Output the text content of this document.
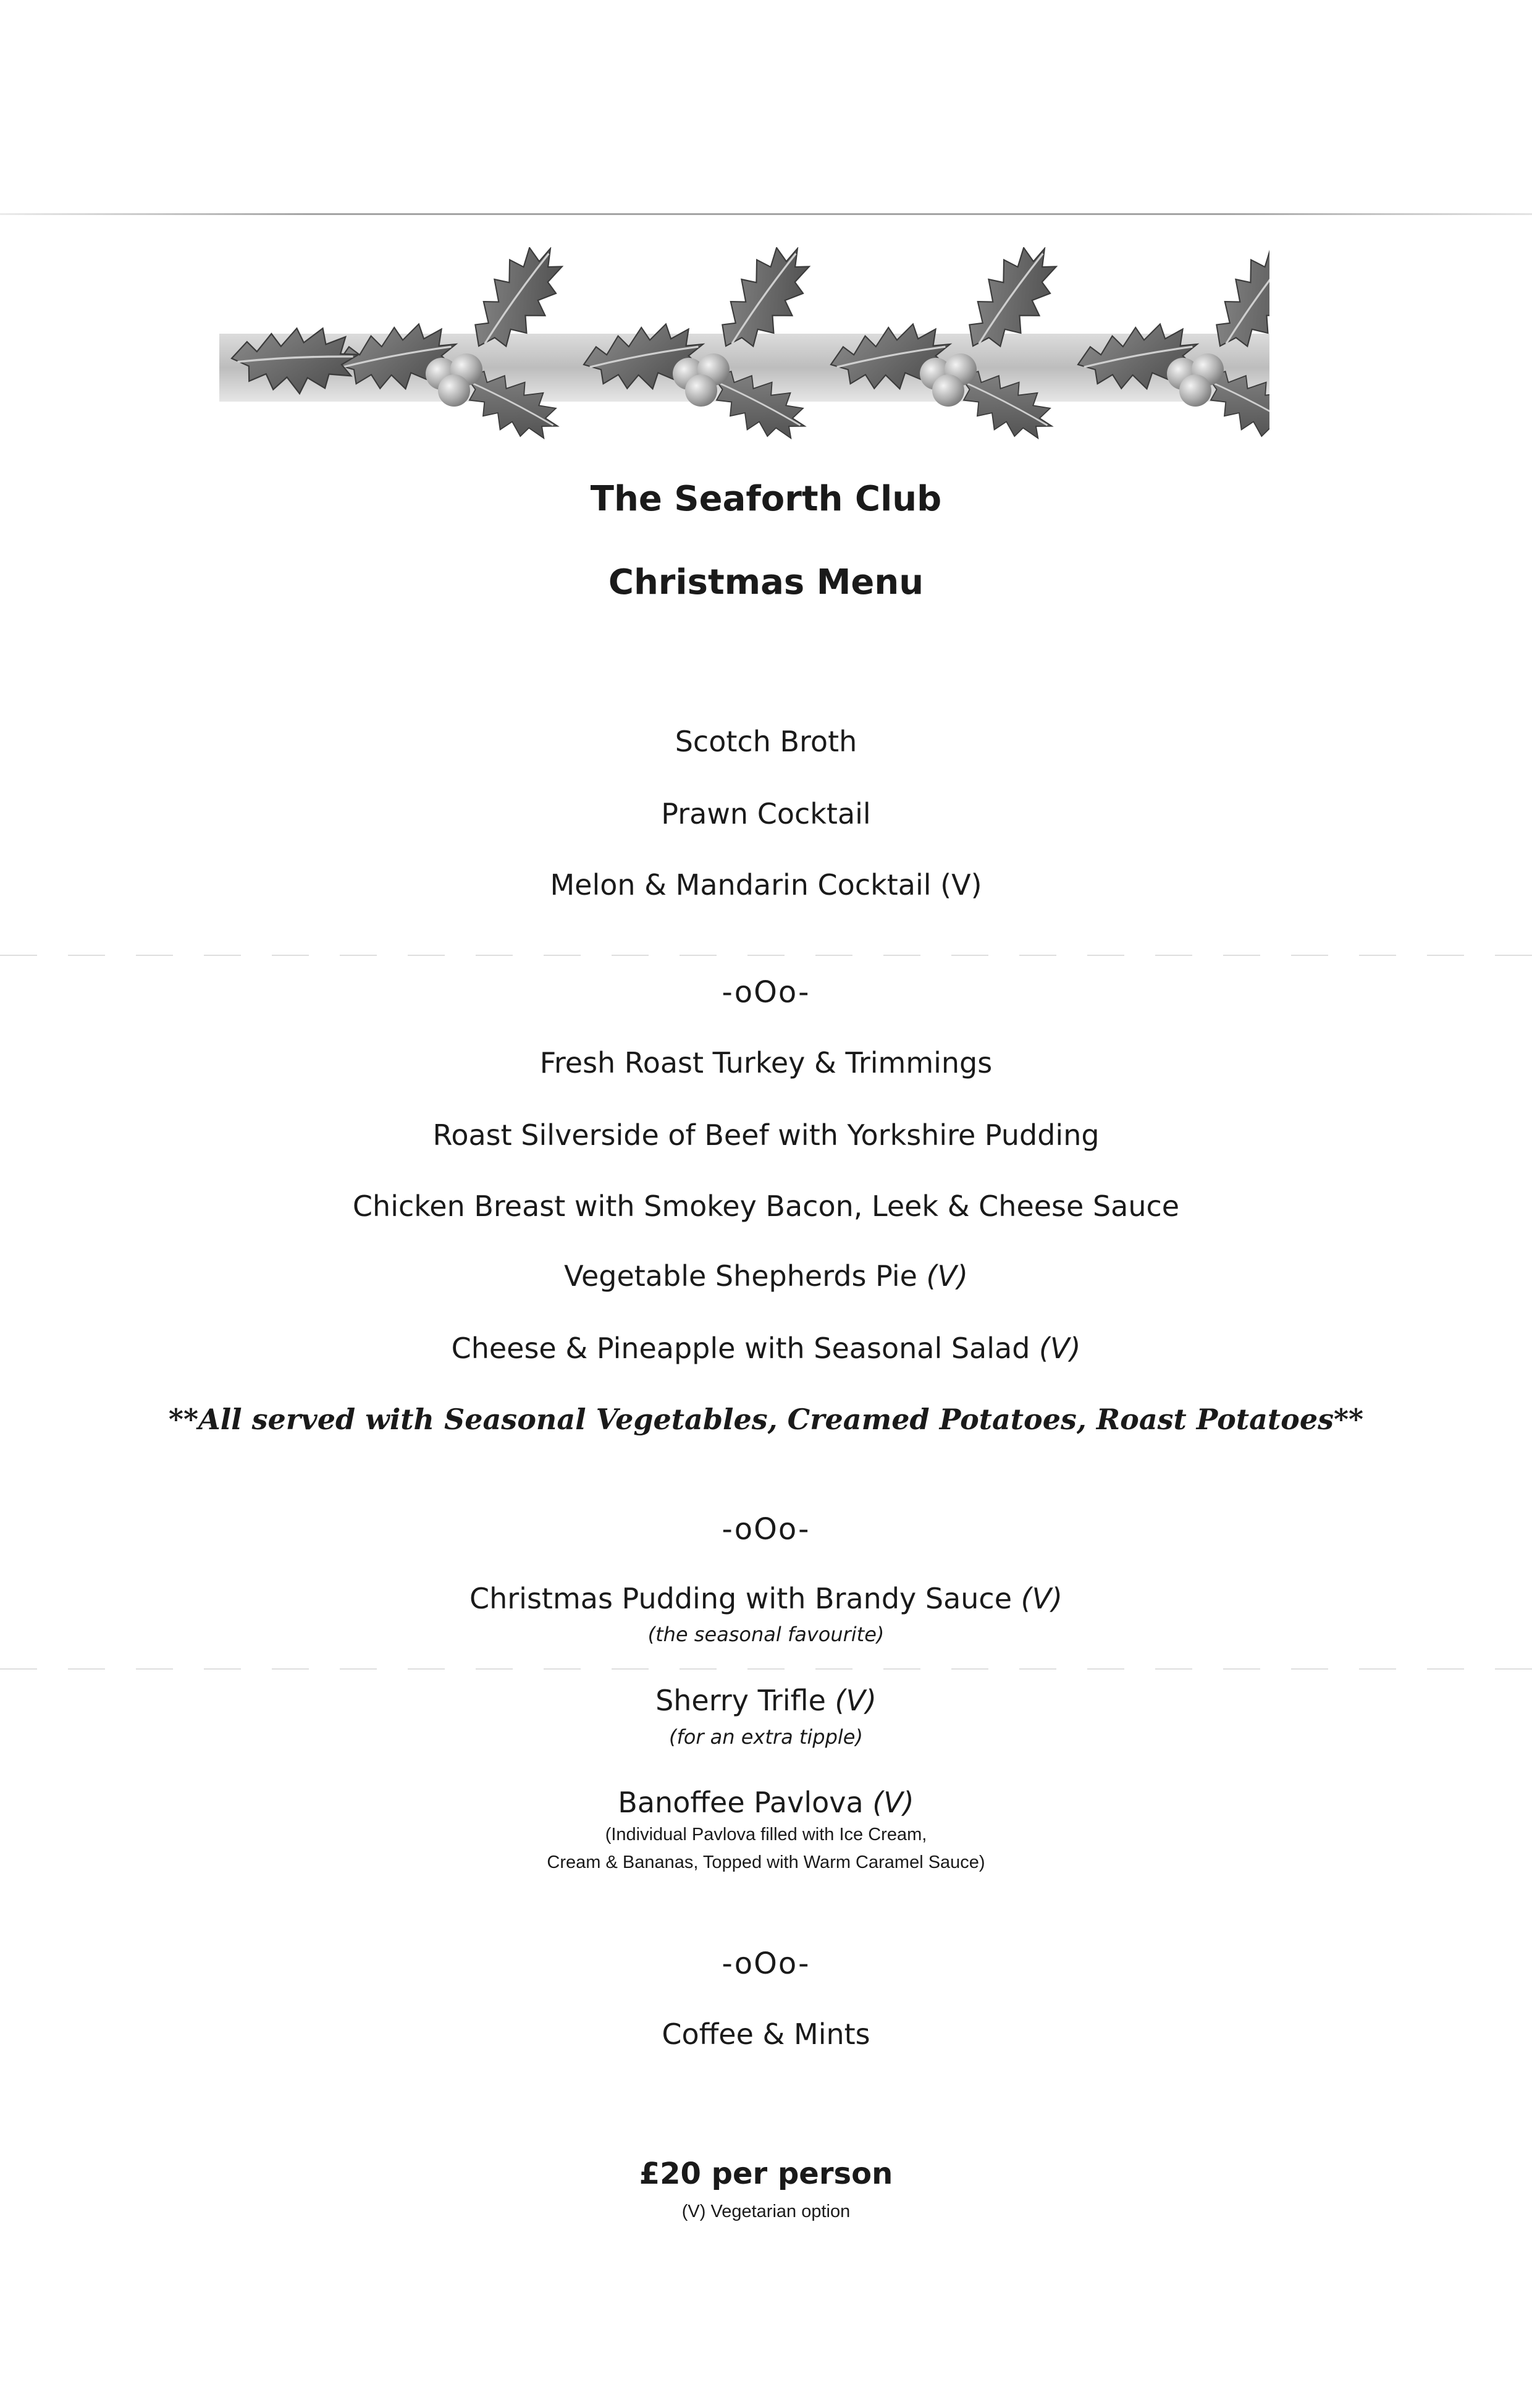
The Seaforth Club
Christmas Menu
Scotch Broth
Prawn Cocktail
Melon & Mandarin Cocktail (V)
-oOo-
Fresh Roast Turkey & Trimmings
Roast Silverside of Beef with Yorkshire Pudding
Chicken Breast with Smokey Bacon, Leek & Cheese Sauce
Vegetable Shepherds Pie (V)
Cheese & Pineapple with Seasonal Salad (V)
**All served with Seasonal Vegetables, Creamed Potatoes, Roast Potatoes**
-oOo-
Christmas Pudding with Brandy Sauce (V)
(the seasonal favourite)
Sherry Trifle (V)
(for an extra tipple)
Banoffee Pavlova (V)
(Individual Pavlova filled with Ice Cream,
Cream & Bananas, Topped with Warm Caramel Sauce)
-oOo-
Coffee & Mints
£20 per person
(V) Vegetarian option
